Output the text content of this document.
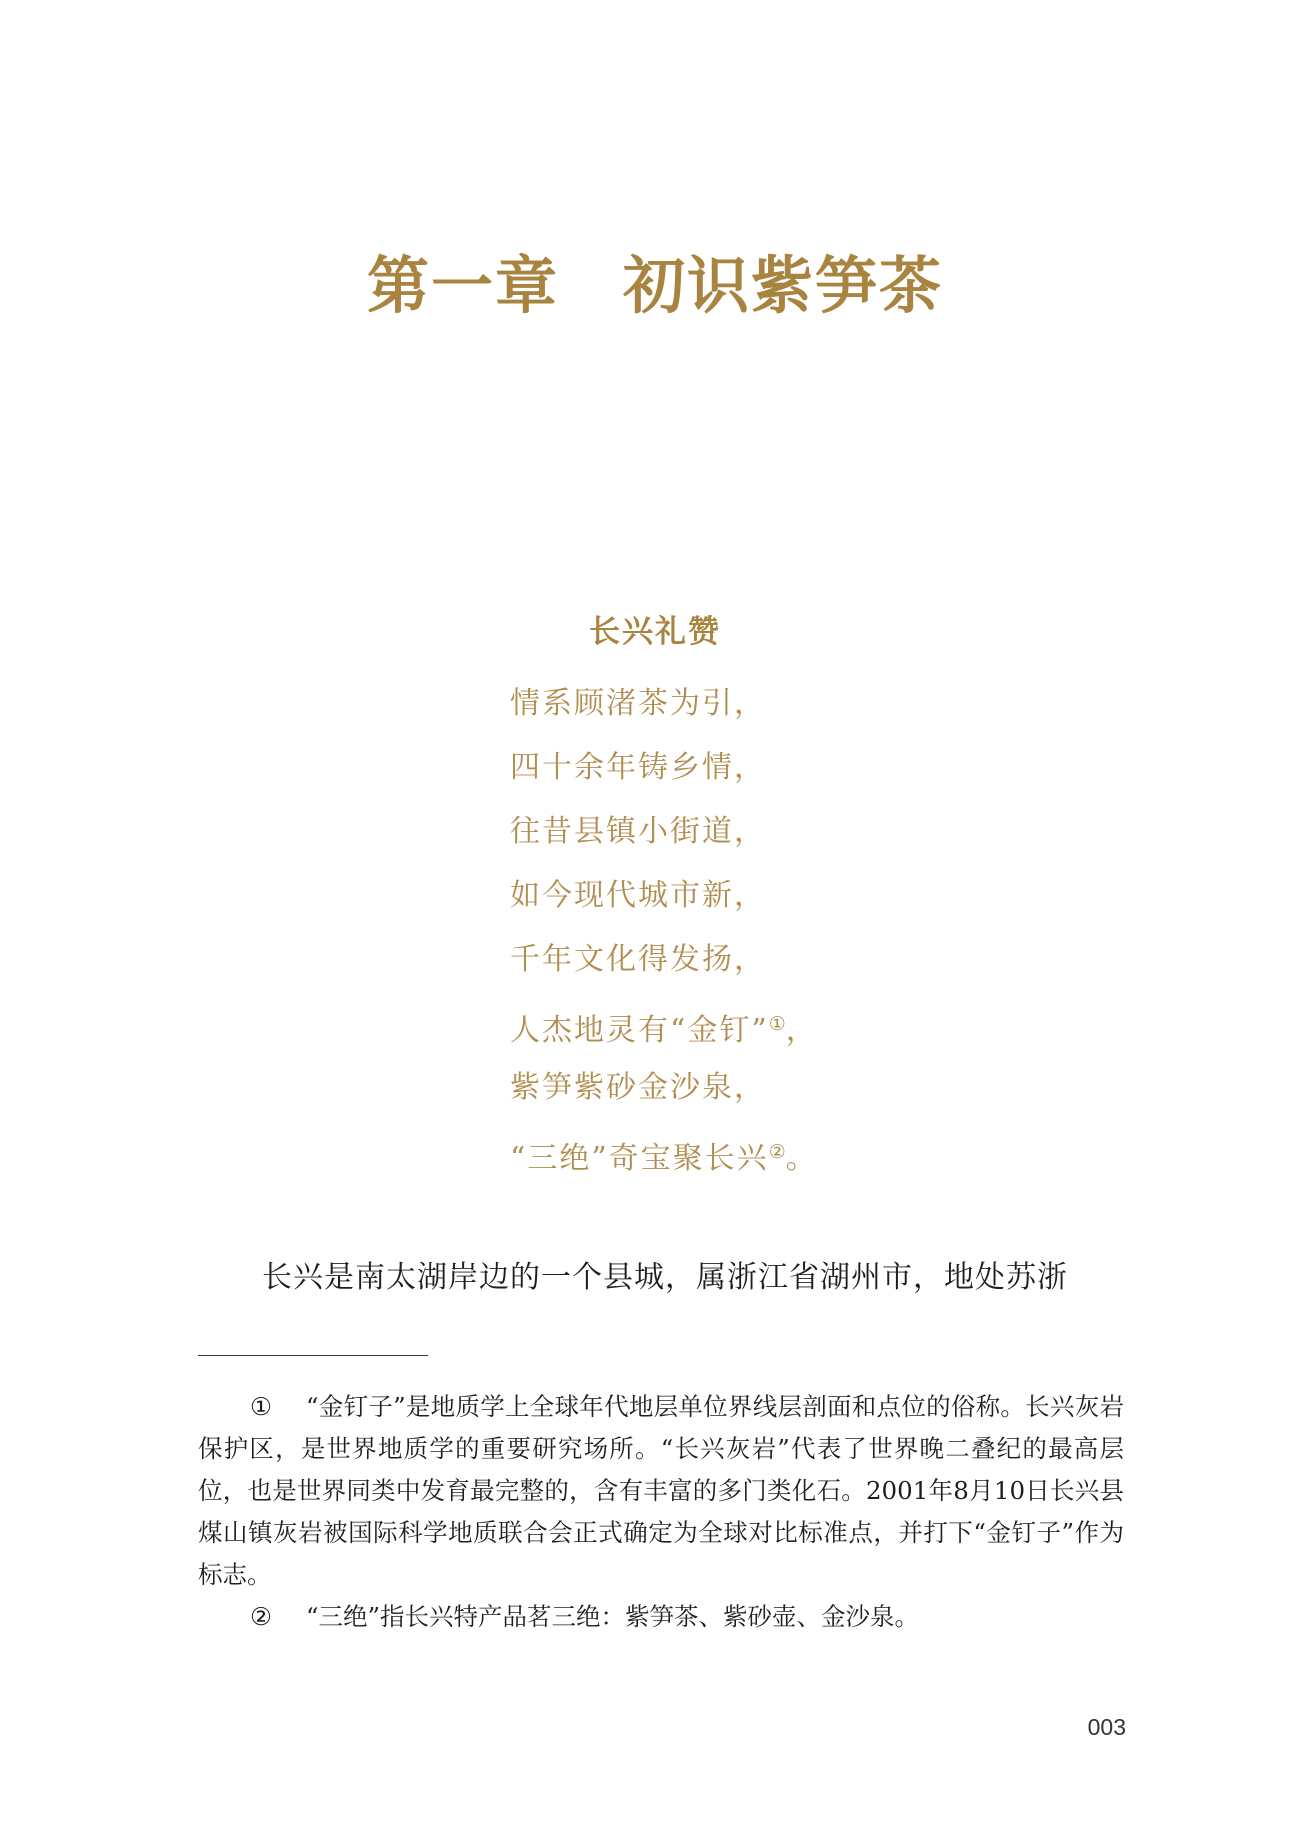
第一章　初识紫笋茶
长兴礼赞
情系顾渚茶为引，
四十余年铸乡情，
往昔县镇小街道，
如今现代城市新，
千年文化得发扬，
人杰地灵有“金钉”①，
紫笋紫砂金沙泉，
“三绝”奇宝聚长兴②。
长兴是南太湖岸边的一个县城，属浙江省湖州市，地处苏浙

① “金钉子”是地质学上全球年代地层单位界线层剖面和点位的俗称。长兴灰岩保护区，是世界地质学的重要研究场所。“长兴灰岩”代表了世界晚二叠纪的最高层位，也是世界同类中发育最完整的，含有丰富的多门类化石。2001年8月10日长兴县煤山镇灰岩被国际科学地质联合会正式确定为全球对比标准点，并打下“金钉子”作为标志。

② “三绝”指长兴特产品茗三绝：紫笋茶、紫砂壶、金沙泉。

003
